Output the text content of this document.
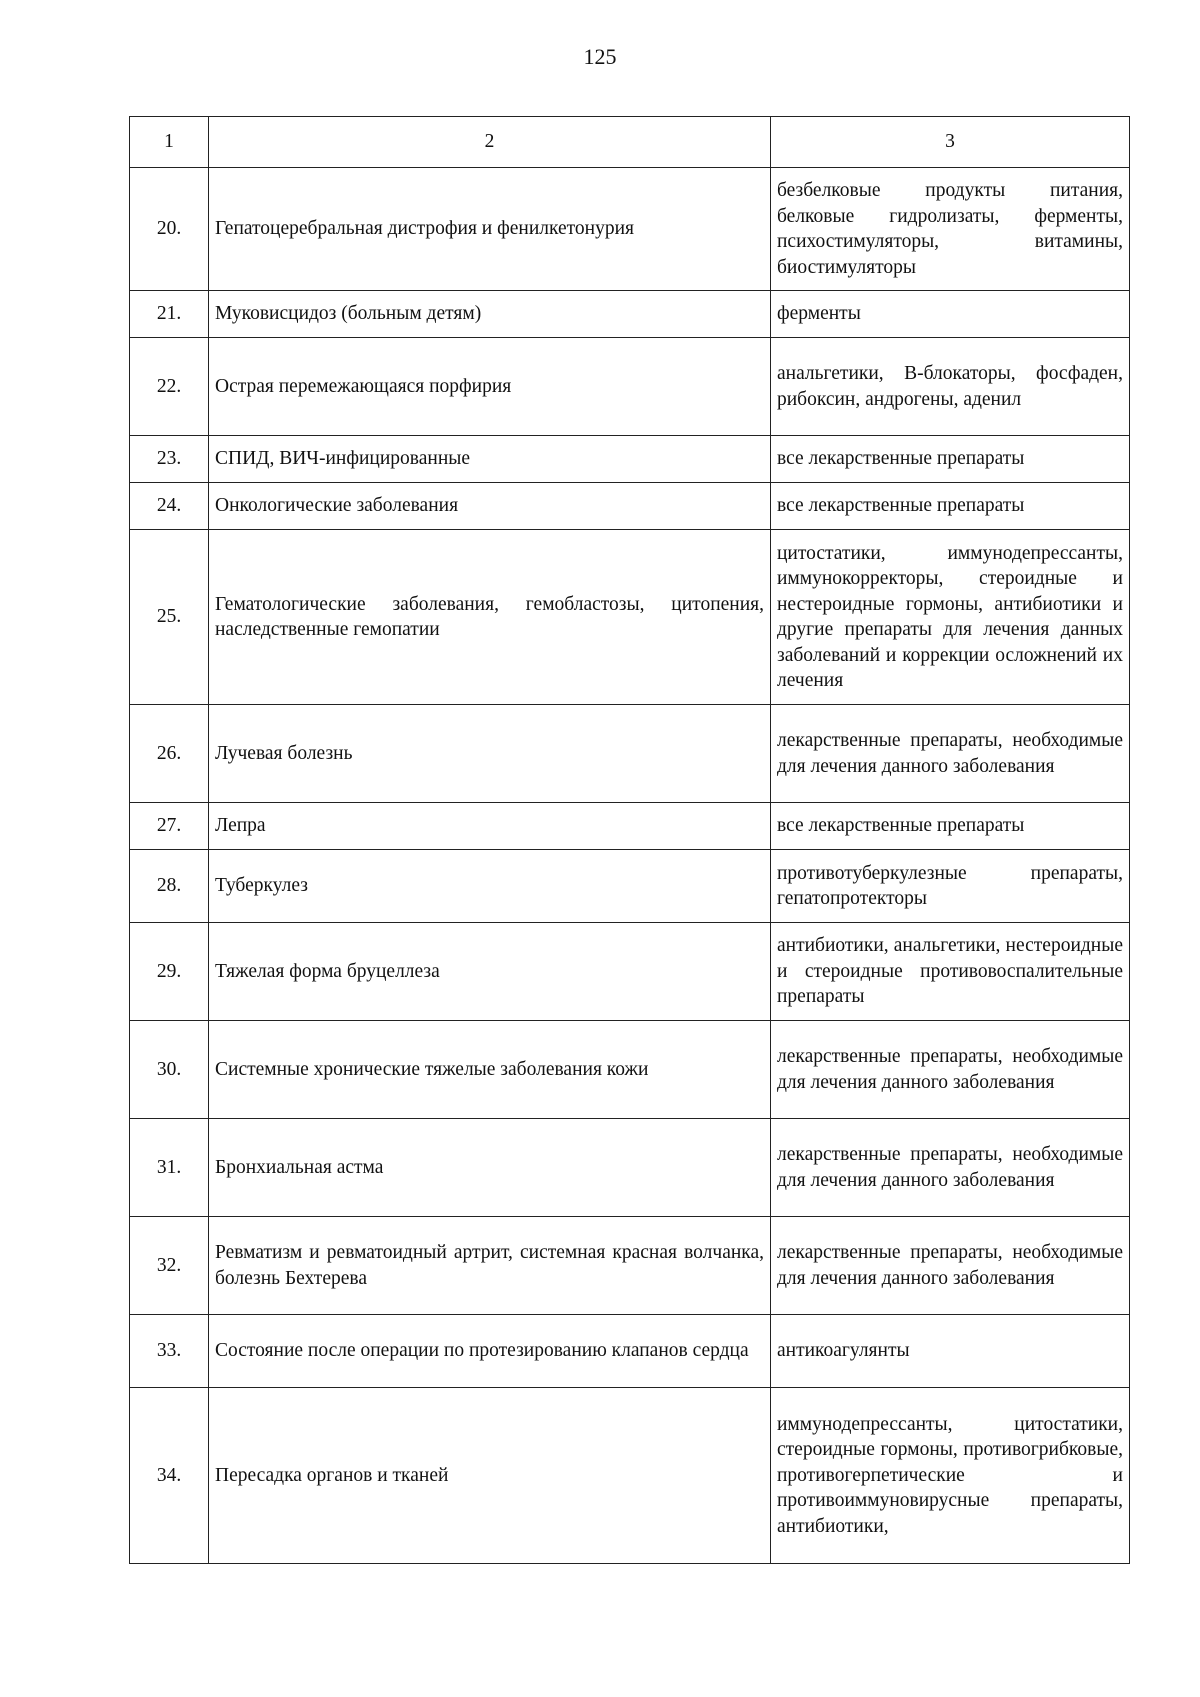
125
1	2	3
20.	Гепатоцеребральная дистрофия и фенилкетонурия	безбелковые продукты питания, белковые гидролизаты, ферменты, психостимуляторы, витамины, биостимуляторы
21.	Муковисцидоз (больным детям)	ферменты
22.	Острая перемежающаяся порфирия	анальгетики, B-блокаторы, фосфаден, рибоксин, андрогены, аденил
23.	СПИД, ВИЧ-инфицированные	все лекарственные препараты
24.	Онкологические заболевания	все лекарственные препараты
25.	Гематологические заболевания, гемобластозы, цитопения, наследственные гемопатии	цитостатики, иммунодепрессанты, иммунокорректоры, стероидные и нестероидные гормоны, антибиотики и другие препараты для лечения данных заболеваний и коррекции осложнений их лечения
26.	Лучевая болезнь	лекарственные препараты, необходимые для лечения данного заболевания
27.	Лепра	все лекарственные препараты
28.	Туберкулез	противотуберкулезные препараты, гепатопротекторы
29.	Тяжелая форма бруцеллеза	антибиотики, анальгетики, нестероидные и стероидные противовоспалительные препараты
30.	Системные хронические тяжелые заболевания кожи	лекарственные препараты, необходимые для лечения данного заболевания
31.	Бронхиальная астма	лекарственные препараты, необходимые для лечения данного заболевания
32.	Ревматизм и ревматоидный артрит, системная красная волчанка, болезнь Бехтерева	лекарственные препараты, необходимые для лечения данного заболевания
33.	Состояние после операции по протезированию клапанов сердца	антикоагулянты
34.	Пересадка органов и тканей	иммунодепрессанты, цитостатики, стероидные гормоны, противогрибковые, противогерпетические и противоиммуновирусные препараты, антибиотики,
